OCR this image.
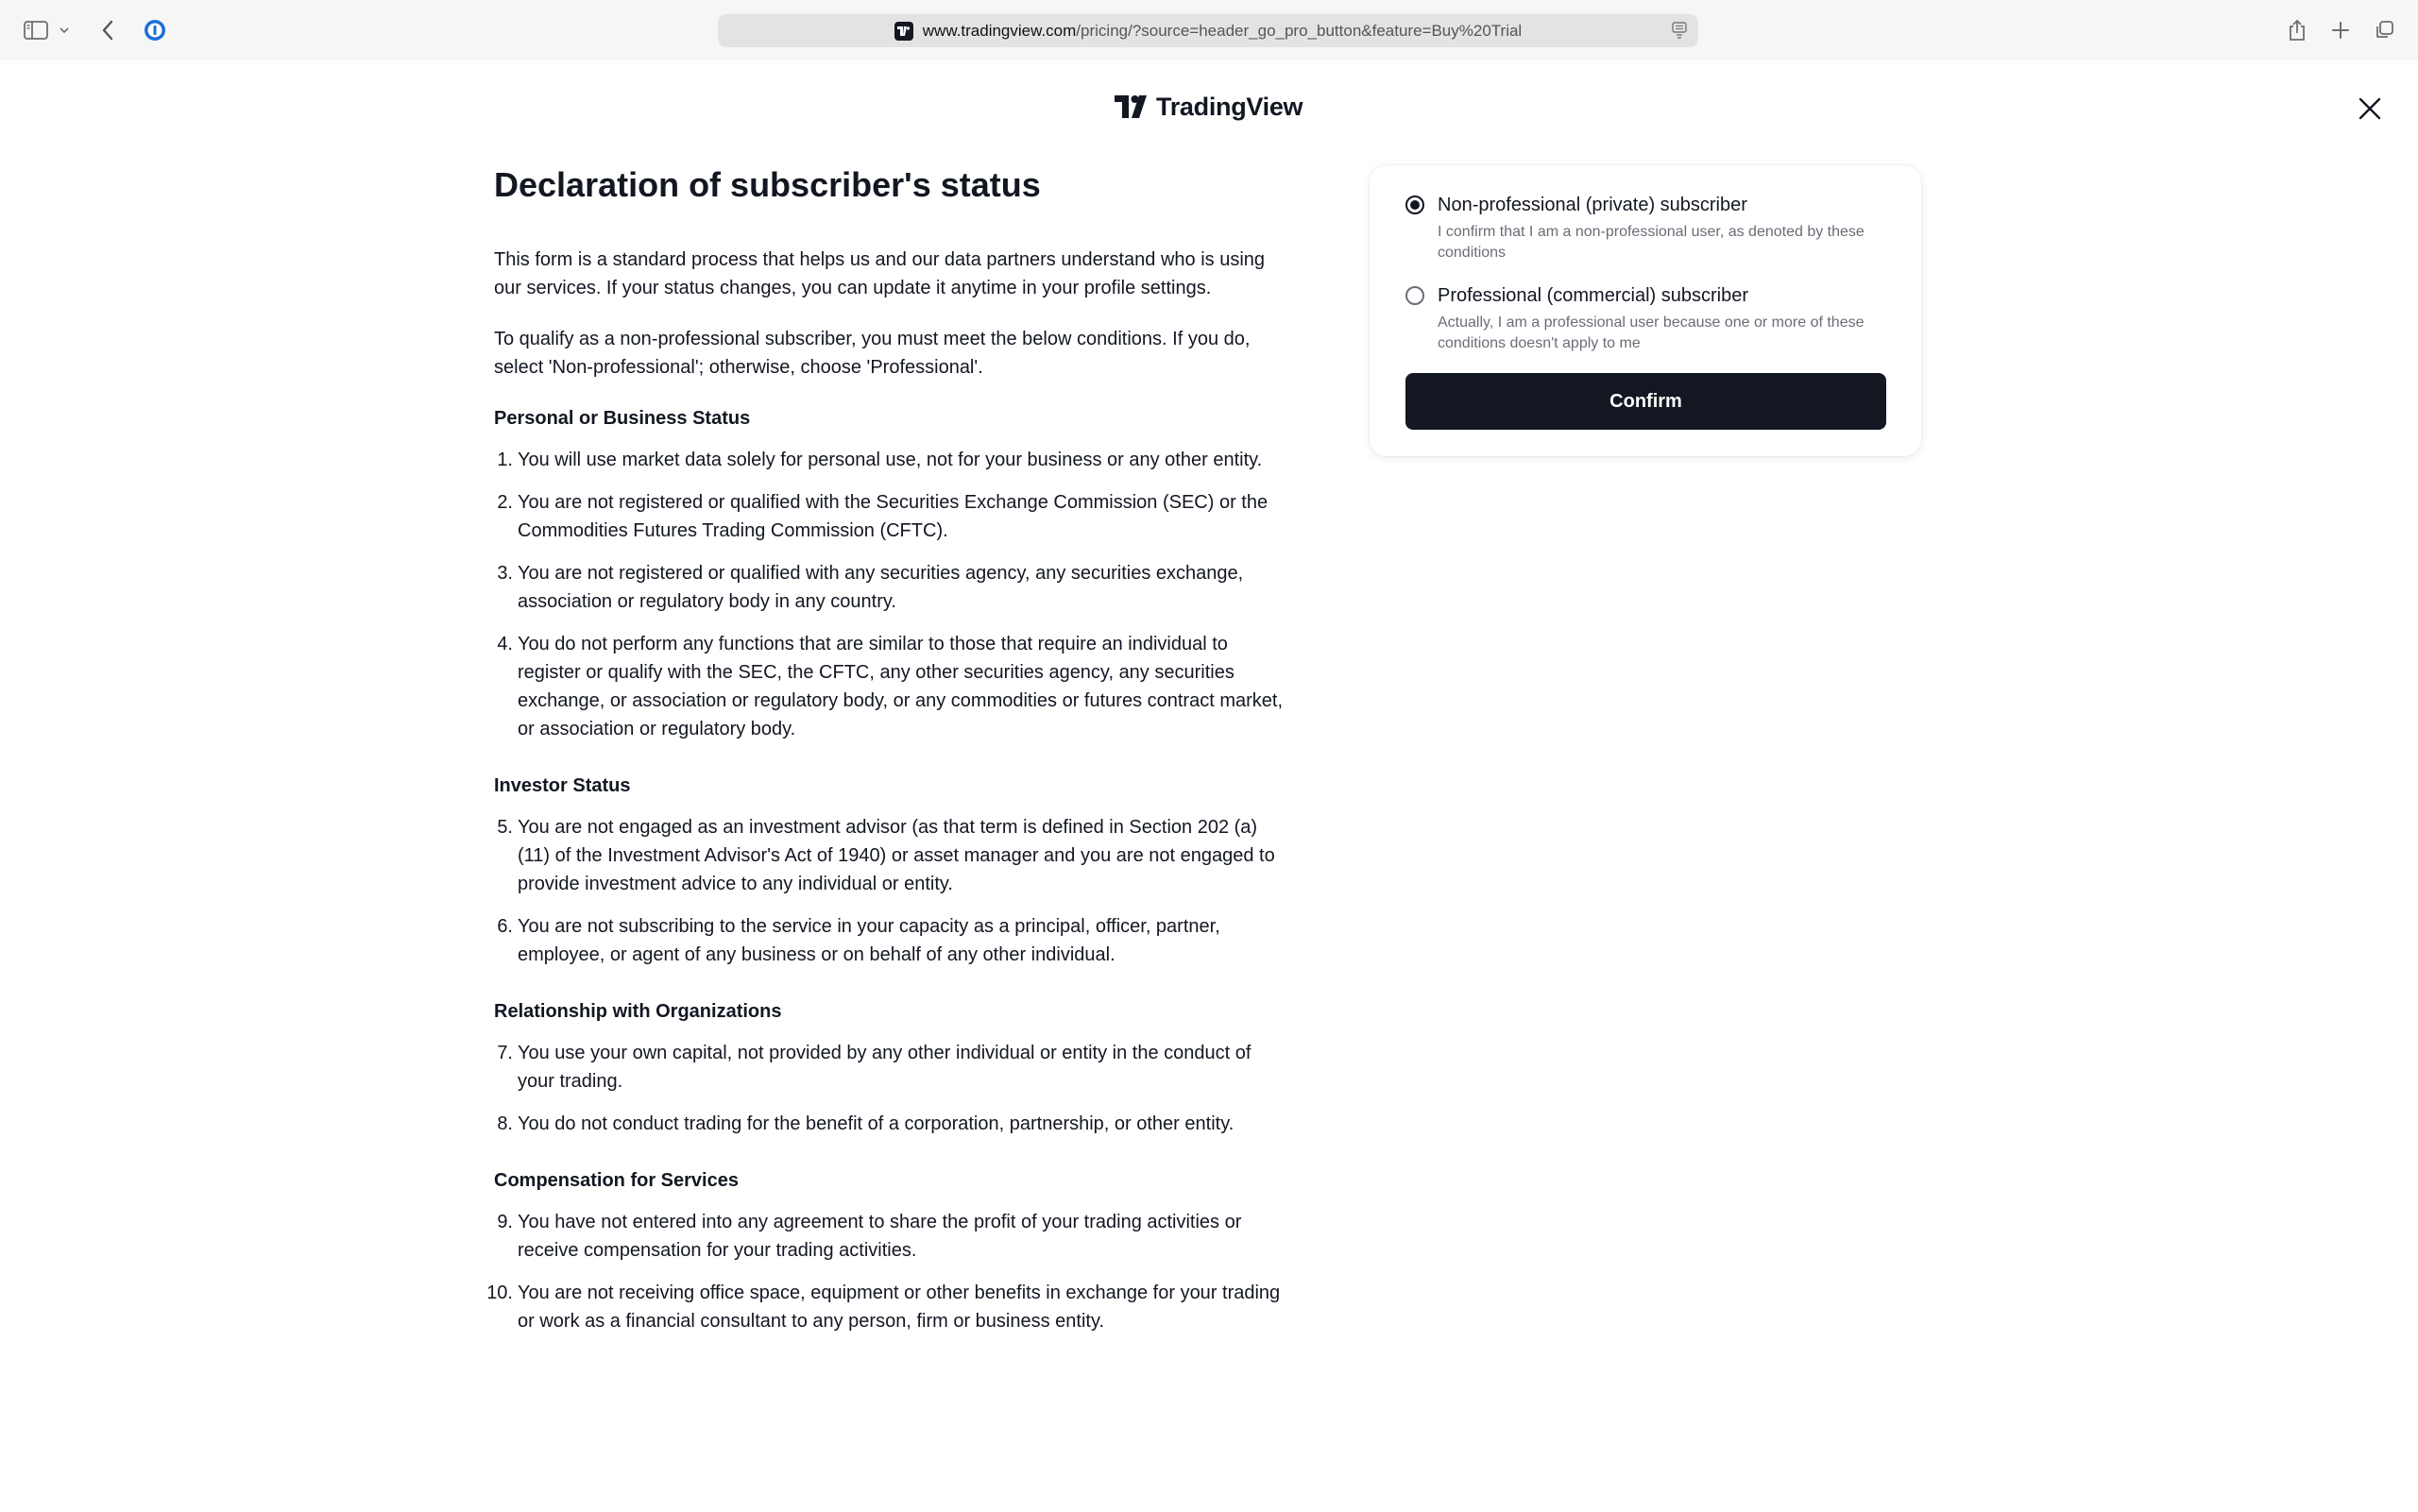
www.tradingview.com /pricing/?source=header_go_pro_button&feature=Buy%20Trial
TradingView
Declaration of subscriber's status

This form is a standard process that helps us and our data partners understand who is using our services. If your status changes, you can update it anytime in your profile settings.

To qualify as a non-professional subscriber, you must meet the below conditions. If you do, select 'Non-professional'; otherwise, choose 'Professional'.

Personal or Business Status
1. You will use market data solely for personal use, not for your business or any other entity.
2. You are not registered or qualified with the Securities Exchange Commission (SEC) or the Commodities Futures Trading Commission (CFTC).
3. You are not registered or qualified with any securities agency, any securities exchange, association or regulatory body in any country.
4. You do not perform any functions that are similar to those that require an individual to register or qualify with the SEC, the CFTC, any other securities agency, any securities exchange, or association or regulatory body, or any commodities or futures contract market, or association or regulatory body.
Investor Status
5. You are not engaged as an investment advisor (as that term is defined in Section 202 (a)(11) of the Investment Advisor's Act of 1940) or asset manager and you are not engaged to provide investment advice to any individual or entity.
6. You are not subscribing to the service in your capacity as a principal, officer, partner, employee, or agent of any business or on behalf of any other individual.
Relationship with Organizations
7. You use your own capital, not provided by any other individual or entity in the conduct of your trading.
8. You do not conduct trading for the benefit of a corporation, partnership, or other entity.
Compensation for Services
9. You have not entered into any agreement to share the profit of your trading activities or receive compensation for your trading activities.
10. You are not receiving office space, equipment or other benefits in exchange for your trading or work as a financial consultant to any person, firm or business entity.
Non-professional (private) subscriber
I confirm that I am a non-professional user, as denoted by these conditions
Professional (commercial) subscriber
Actually, I am a professional user because one or more of these conditions doesn't apply to me
Confirm
